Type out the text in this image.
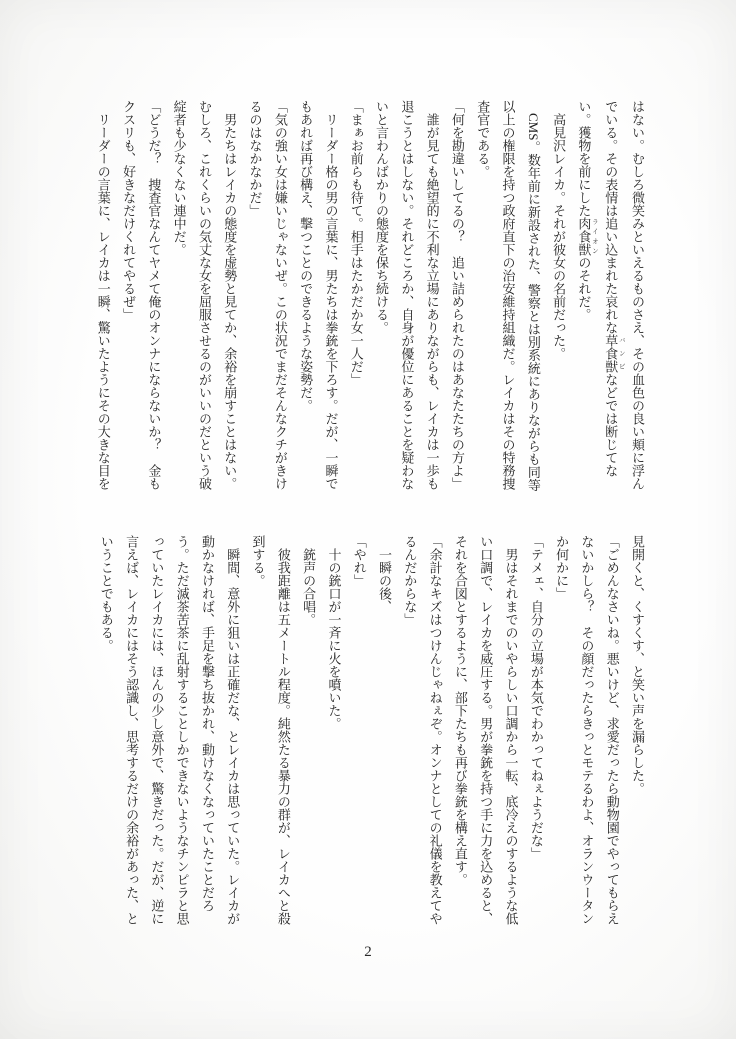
はない。むしろ微笑みといえるものさえ、その血色の良い頬に浮ん
でいる。その表情は追い込まれた哀れな草食獣 バンビなどでは断じてな
い。獲物を前にした肉食獣 ライオンのそれだ。
　高見沢レイカ。それが彼女の名前だった。
　CMS。数年前に新設された、警察とは別系統にありながらも同等
以上の権限を持つ政府直下の治安維持組織だ。レイカはその特務捜
査官である。
「何を勘違いしてるの？　追い詰められたのはあなたたちの方よ」
　誰が見ても絶望的に不利な立場にありながらも、レイカは一歩も
退こうとはしない。それどころか、自身が優位にあることを疑わな
いと言わんばかりの態度を保ち続ける。
「まぁお前らも待て。相手はたかだか女一人だ」
　リーダー格の男の言葉に、男たちは拳銃を下ろす。だが、一瞬で
もあれば再び構え、撃つことのできるような姿勢だ。
「気の強い女は嫌いじゃないぜ。この状況でまだそんなクチがきけ
るのはなかなかだ」
　男たちはレイカの態度を虚勢と見てか、余裕を崩すことはない。
むしろ、これくらいの気丈な女を屈服させるのがいいのだという破
綻者も少なくない連中だ。
「どうだ？　捜査官なんてヤメて俺のオンナにならないか？　金も
クスリも、好きなだけくれてやるぜ」
　リーダーの言葉に、レイカは一瞬、驚いたようにその大きな目を
見開くと、くすくす、と笑い声を漏らした。
「ごめんなさいね。悪いけど、求愛だったら動物園でやってもらえ
ないかしら？　その顔だったらきっとモテるわよ、オランウータン
か何かに」
「テメェ、自分の立場が本気でわかってねぇようだな」
　男はそれまでのいやらしい口調から一転、底冷えのするような低
い口調で、レイカを威圧する。男が拳銃を持つ手に力を込めると、
それを合図とするように、部下たちも再び拳銃を構え直す。
「余計なキズはつけんじゃねぇぞ。オンナとしての礼儀を教えてや
るんだからな」
　一瞬の後、
「やれ」
　十の銃口が一斉に火を噴いた。
　銃声の合唱。
　彼我距離は五メートル程度。純然たる暴力の群が、レイカへと殺
到する。
　瞬間、意外に狙いは正確だな、とレイカは思っていた。レイカが
動かなければ、手足を撃ち抜かれ、動けなくなっていたことだろ
う。ただ滅茶苦茶に乱射することしかできないようなチンピラと思
っていたレイカには、ほんの少し意外で、驚きだった。だが、逆に
言えば、レイカにはそう認識し、思考するだけの余裕があった、と
いうことでもある。
2
